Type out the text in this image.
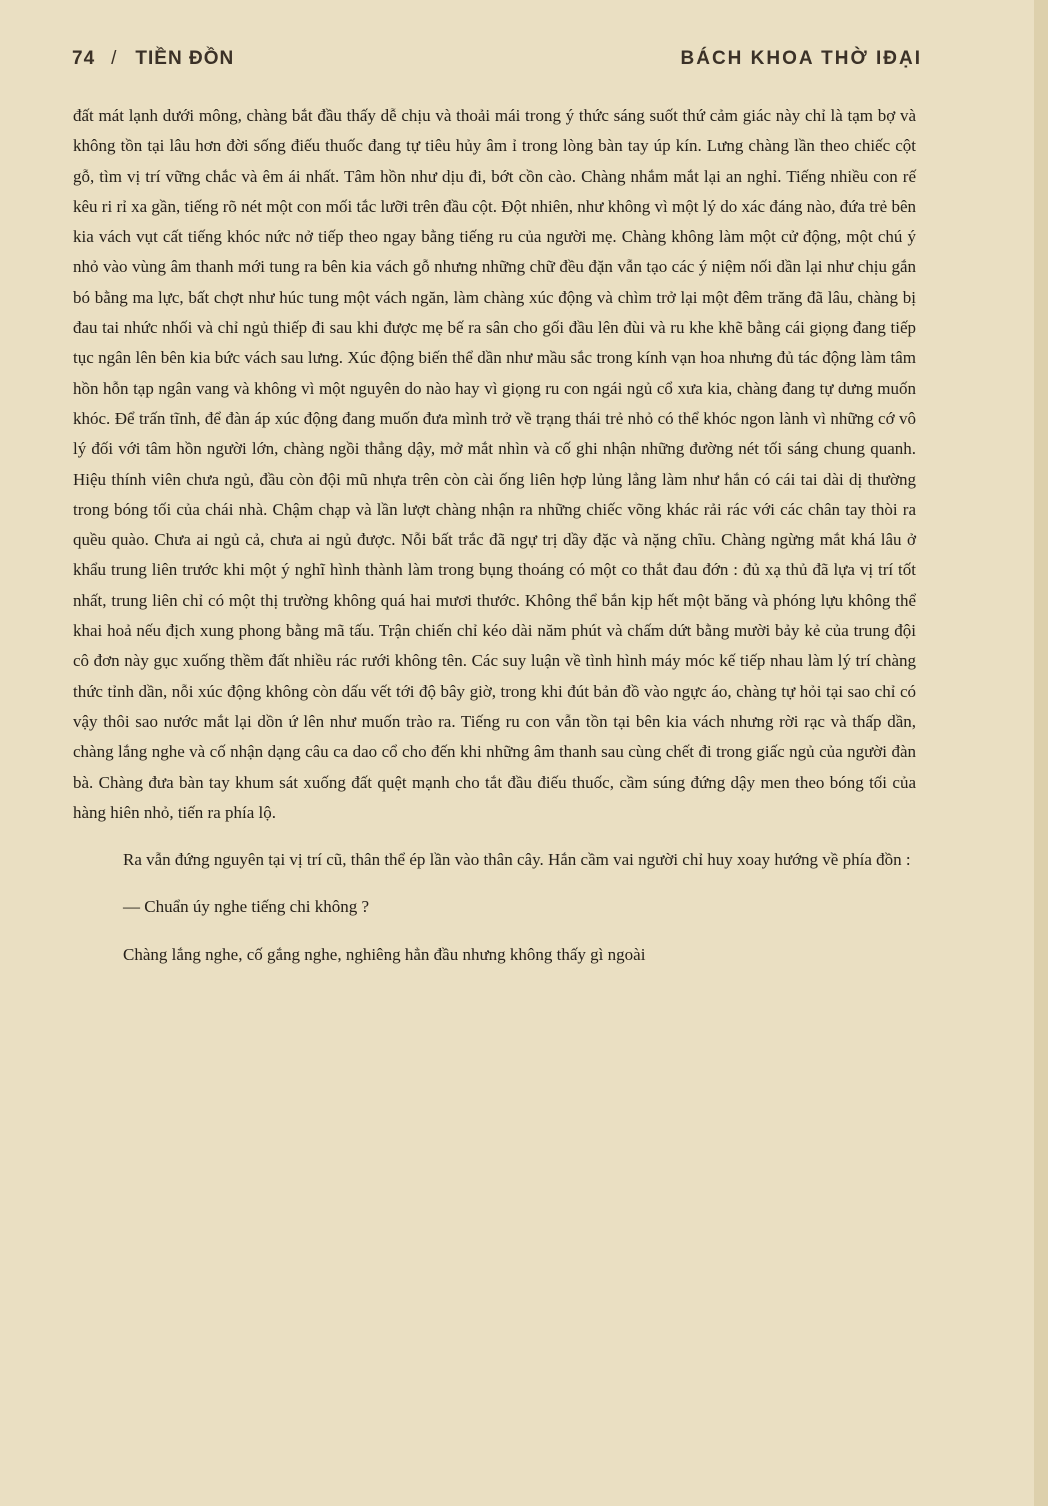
74 / TIỀN ĐỒN	BÁCH KHOA THỜ IĐẠI

đất mát lạnh dưới mông, chàng bắt đầu thấy dễ chịu và thoải mái trong ý thức sáng suốt thứ cảm giác này chỉ là tạm bợ và không tồn tại lâu hơn đời sống điếu thuốc đang tự tiêu hủy âm ỉ trong lòng bàn tay úp kín. Lưng chàng lần theo chiếc cột gỗ, tìm vị trí vững chắc và êm ái nhất. Tâm hồn như dịu đi, bớt cồn cào. Chàng nhắm mắt lại an nghỉ. Tiếng nhiều con rế kêu ri rỉ xa gần, tiếng rõ nét một con mối tắc lưỡi trên đầu cột. Đột nhiên, như không vì một lý do xác đáng nào, đứa trẻ bên kia vách vụt cất tiếng khóc nức nở tiếp theo ngay bằng tiếng ru của người mẹ. Chàng không làm một cử động, một chú ý nhỏ vào vùng âm thanh mới tung ra bên kia vách gỗ nhưng những chữ đều đặn vẫn tạo các ý niệm nối dần lại như chịu gắn bó bằng ma lực, bất chợt như húc tung một vách ngăn, làm chàng xúc động và chìm trở lại một đêm trăng đã lâu, chàng bị đau tai nhức nhối và chỉ ngủ thiếp đi sau khi được mẹ bế ra sân cho gối đầu lên đùi và ru khe khẽ bằng cái giọng đang tiếp tục ngân lên bên kia bức vách sau lưng. Xúc động biến thể dần như mầu sắc trong kính vạn hoa nhưng đủ tác động làm tâm hồn hỗn tạp ngân vang và không vì một nguyên do nào hay vì giọng ru con ngái ngủ cổ xưa kia, chàng đang tự dưng muốn khóc. Để trấn tĩnh, để đàn áp xúc động đang muốn đưa mình trở về trạng thái trẻ nhỏ có thể khóc ngon lành vì những cớ vô lý đối với tâm hồn người lớn, chàng ngồi thẳng dậy, mở mắt nhìn và cố ghi nhận những đường nét tối sáng chung quanh. Hiệu thính viên chưa ngủ, đầu còn đội mũ nhựa trên còn cài ống liên hợp lủng lẳng làm như hắn có cái tai dài dị thường trong bóng tối của chái nhà. Chậm chạp và lần lượt chàng nhận ra những chiếc võng khác rải rác với các chân tay thòi ra quều quào. Chưa ai ngủ cả, chưa ai ngủ được. Nỗi bất trắc đã ngự trị dầy đặc và nặng chĩu. Chàng ngừng mắt khá lâu ở khẩu trung liên trước khi một ý nghĩ hình thành làm trong bụng thoáng có một co thắt đau đớn : đủ xạ thủ đã lựa vị trí tốt nhất, trung liên chỉ có một thị trường không quá hai mươi thước. Không thể bắn kịp hết một băng và phóng lựu không thể khai hoả nếu địch xung phong bằng mã tấu. Trận chiến chỉ kéo dài năm phút và chấm dứt bằng mười bảy kẻ của trung đội cô đơn này gục xuống thềm đất nhiều rác rưới không tên. Các suy luận về tình hình máy móc kế tiếp nhau làm lý trí chàng thức tỉnh dần, nỗi xúc động không còn dấu vết tới độ bây giờ, trong khi đút bản đồ vào ngực áo, chàng tự hỏi tại sao chỉ có vậy thôi sao nước mắt lại dồn ứ lên như muốn trào ra. Tiếng ru con vẫn tồn tại bên kia vách nhưng rời rạc và thấp dần, chàng lắng nghe và cố nhận dạng câu ca dao cổ cho đến khi những âm thanh sau cùng chết đi trong giấc ngủ của người đàn bà. Chàng đưa bàn tay khum sát xuống đất quệt mạnh cho tắt đầu điếu thuốc, cầm súng đứng dậy men theo bóng tối của hàng hiên nhỏ, tiến ra phía lộ.

Ra vẫn đứng nguyên tại vị trí cũ, thân thể ép lần vào thân cây. Hắn cầm vai người chỉ huy xoay hướng về phía đồn :

— Chuẩn úy nghe tiếng chi không ?

Chàng lắng nghe, cố gắng nghe, nghiêng hẳn đầu nhưng không thấy gì ngoài
